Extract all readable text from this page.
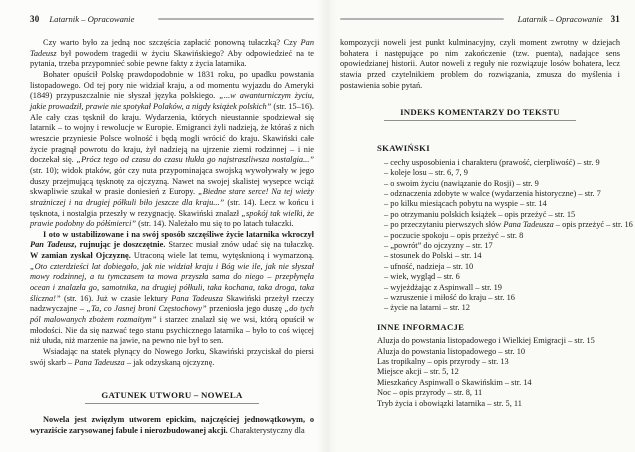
30 Latarnik – Opracowanie

Czy warto było za jedną noc szczęścia zapłacić ponowną tułaczką? Czy Pan Tadeusz był powodem tragedii w życiu Skawińskiego? Aby odpowiedzieć na te pytania, trzeba przypomnieć sobie pewne fakty z życia latarnika.

Bohater opuścił Polskę prawdopodobnie w 1831 roku, po upadku powstania listopadowego. Od tej pory nie widział kraju, a od momentu wyjazdu do Ameryki (1849) przypuszczalnie nie słyszał języka polskiego. „...w awanturniczym życiu, jakie prowadził, prawie nie spotykał Polaków, a nigdy książek polskich” (str. 15–16). Ale cały czas tęsknił do kraju. Wydarzenia, których nieustannie spodziewał się latarnik – to wojny i rewolucje w Europie. Emigranci żyli nadzieją, że któraś z nich wreszcie przyniesie Polsce wolność i będą mogli wrócić do kraju. Skawiński całe życie pragnął powrotu do kraju, żył nadzieją na ujrzenie ziemi rodzinnej – i nie doczekał się. „Prócz tego od czasu do czasu tłukła go najstraszliwsza nostalgia...” (str. 10); widok ptaków, gór czy nuta przypominająca swojską wywoływały w jego duszy przejmującą tęsknotę za ojczyzną. Nawet na swojej skalistej wysepce wciąż skwapliwie szukał w prasie doniesień z Europy. „Biedne stare serce! Na tej wieży strażniczej i na drugiej półkuli biło jeszcze dla kraju...” (str. 14). Lecz w końcu i tęsknota, i nostalgia przeszły w rezygnację. Skawiński znalazł „spokój tak wielki, że prawie podobny do półśmierci” (str. 14). Należało mu się to po latach tułaczki.

I oto w ustabilizowane i na swój sposób szczęśliwe życie latarnika wkroczył Pan Tadeusz, rujnując je doszczętnie. Starzec musiał znów udać się na tułaczkę. W zamian zyskał Ojczyznę. Utraconą wiele lat temu, wytęsknioną i wymarzoną. „Oto czterdzieści lat dobiegało, jak nie widział kraju i Bóg wie ile, jak nie słyszał mowy rodzinnej, a tu tymczasem ta mowa przyszła sama do niego – przepłynęła ocean i znalazła go, samotnika, na drugiej półkuli, taka kochana, taka droga, taka śliczna!” (str. 16). Już w czasie lektury Pana Tadeusza Skawiński przeżył rzeczy nadzwyczajne – „Ta, co Jasnej broni Częstochowy” przeniosła jego duszę „do tych pól malowanych zbożem rozmaitym” i starzec znalazł się we wsi, którą opuścił w młodości. Nie da się nazwać tego stanu psychicznego latarnika – było to coś więcej niż ułuda, niż marzenie na jawie, na pewno nie był to sen.

Wsiadając na statek płynący do Nowego Jorku, Skawiński przyciskał do piersi swój skarb – Pana Tadeusza – jak odzyskaną ojczyznę.

GATUNEK UTWORU – NOWELA

Nowela jest zwięzłym utworem epickim, najczęściej jednowątkowym, o wyraziście zarysowanej fabule i nierozbudowanej akcji. Charakterystyczny dla

Latarnik – Opracowanie 31

kompozycji noweli jest punkt kulminacyjny, czyli moment zwrotny w dziejach bohatera i następujące po nim zakończenie (tzw. puenta), nadające sens opowiedzianej historii. Autor noweli z reguły nie rozwiązuje losów bohatera, lecz stawia przed czytelnikiem problem do rozwiązania, zmusza do myślenia i postawienia sobie pytań.

INDEKS KOMENTARZY DO TEKSTU
SKAWIŃSKI
– cechy usposobienia i charakteru (prawość, cierpliwość) – str. 9
– koleje losu – str. 6, 7, 9
– o swoim życiu (nawiązanie do Rosji) – str. 9
– odznaczenia zdobyte w walce (wydarzenia historyczne) – str. 7
– po kilku miesiącach pobytu na wyspie – str. 14
– po otrzymaniu polskich książek – opis przeżyć – str. 15
– po przeczytaniu pierwszych słów Pana Tadeusza – opis przeżyć – str. 16
– poczucie spokoju – opis przeżyć – str. 8
– „powrót” do ojczyzny – str. 17
– stosunek do Polski – str. 14
– ufność, nadzieja – str. 10
– wiek, wygląd – str. 6
– wyjeżdżając z Aspinwall – str. 19
– wzruszenie i miłość do kraju – str. 16
– życie na latarni – str. 12
INNE INFORMACJE
Aluzja do powstania listopadowego i Wielkiej Emigracji – str. 15
Aluzja do powstania listopadowego – str. 10
Las tropikalny – opis przyrody – str. 13
Miejsce akcji – str. 5, 12
Mieszkańcy Aspinwall o Skawińskim – str. 14
Noc – opis przyrody – str. 8, 11
Tryb życia i obowiązki latarnika – str. 5, 11
